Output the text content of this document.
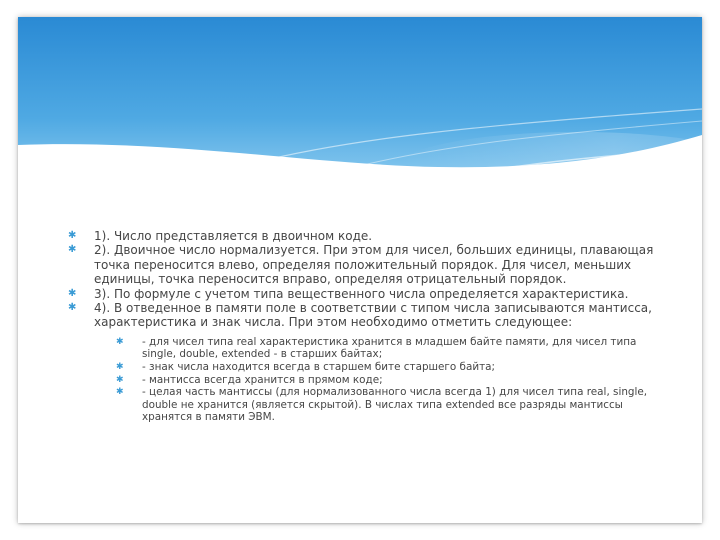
✱ 1). Число представляется в двоичном коде.
✱ 2). Двоичное число нормализуется. При этом для чисел, больших единицы, плавающая точка переносится влево, определяя положительный порядок. Для чисел, меньших единицы, точка переносится вправо, определяя отрицательный порядок.
✱ 3). По формуле с учетом типа вещественного числа определяется характеристика.
✱ 4). В отведенное в памяти поле в соответствии с типом числа записываются мантисса, характеристика и знак числа. При этом необходимо отметить следующее:
✱ - для чисел типа real характеристика хранится в младшем байте памяти, для чисел типа single, double, extended - в старших байтах;
✱ - знак числа находится всегда в старшем бите старшего байта;
✱ - мантисса всегда хранится в прямом коде;
✱ - целая часть мантиссы (для нормализованного числа всегда 1) для чисел типа real, single, double не хранится (является скрытой). В числах типа extended все разряды мантиссы хранятся в памяти ЭВМ.
